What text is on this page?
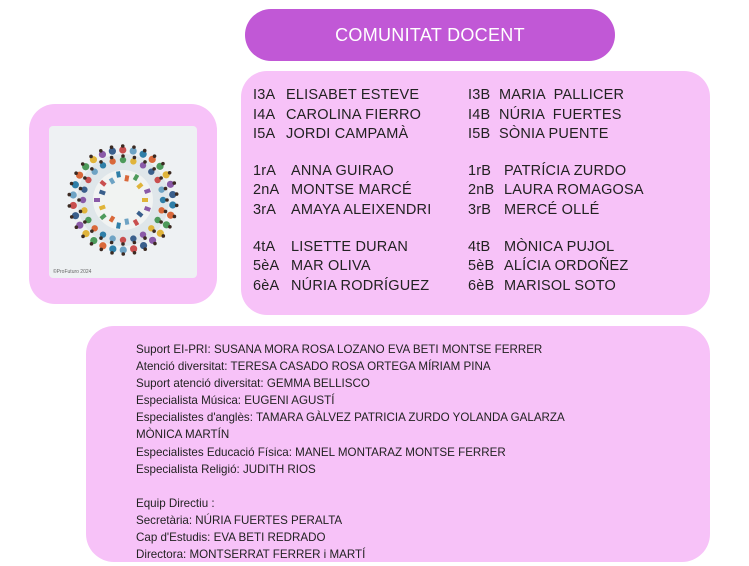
COMUNITAT DOCENT
©ProFuturo 2024
I3A ELISABET ESTEVE
I4A CAROLINA FIERRO
I5A JORDI CAMPAMÀ
1rA ANNA GUIRAO
2nA MONTSE MARCÉ
3rA AMAYA ALEIXENDRI
4tA LISETTE DURAN
5èA MAR OLIVA
6èA NÚRIA RODRÍGUEZ
I3B MARIA  PALLICER
I4B NÚRIA  FUERTES
I5B SÒNIA PUENTE
1rB PATRÍCIA ZURDO
2nB LAURA ROMAGOSA
3rB MERCÉ OLLÉ
4tB MÒNICA PUJOL
5èB ALÍCIA ORDOÑEZ
6èB MARISOL SOTO
Suport EI-PRI: SUSANA MORA ROSA LOZANO EVA BETI MONTSE FERRER
Atenció diversitat: TERESA CASADO ROSA ORTEGA MÍRIAM PINA
Suport atenció diversitat: GEMMA BELLISCO
Especialista Música: EUGENI AGUSTÍ
Especialistes d'anglès: TAMARA GÀLVEZ PATRICIA ZURDO YOLANDA GALARZA
MÒNICA MARTÍN
Especialistes Educació Física: MANEL MONTARAZ MONTSE FERRER
Especialista Religió: JUDITH RIOS
Equip Directiu :
Secretària: NÚRIA FUERTES PERALTA
Cap d'Estudis: EVA BETI REDRADO
Directora: MONTSERRAT FERRER i MARTÍ
